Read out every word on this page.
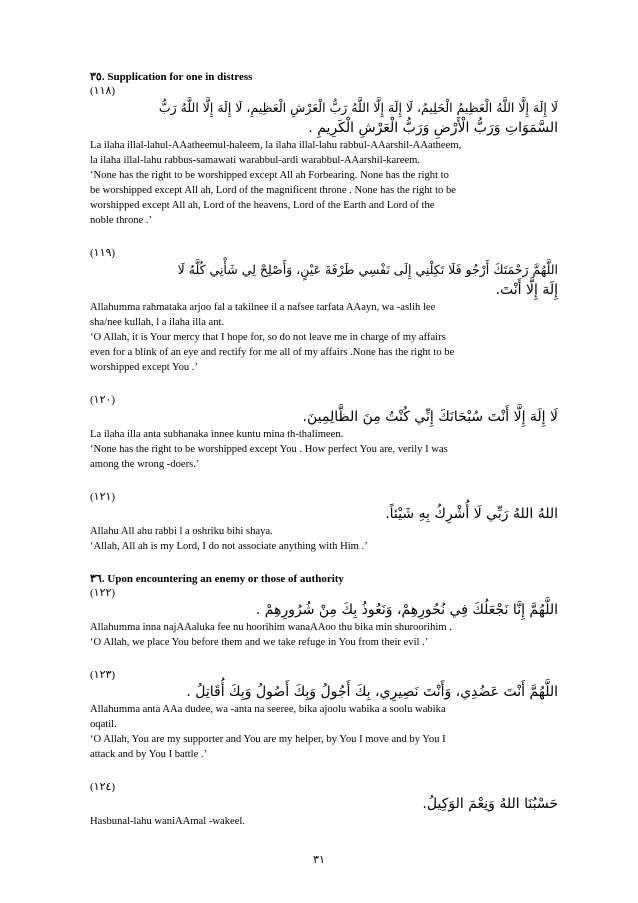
٣٥. Supplication for one in distress
(١١٨)
لَا إِلَهَ إِلَّا اللَّهُ الْعَظِيمُ الْحَلِيمُ، لَا إِلَهَ إِلَّا اللَّهُ رَبُّ الْعَرْشِ الْعَظِيمِ، لَا إِلَهَ إِلَّا اللَّهُ رَبُّ
السَّمَوَاتِ وَرَبُّ الْأَرْضِ وَرَبُّ الْعَرْشِ الْكَرِيمِ .
La ilaha illal-lahul-AAatheemul-haleem, la ilaha illal-lahu rabbul-AAarshil-AAatheem,
la ilaha illal-lahu rabbus-samawati warabbul-ardi warabbul-AAarshil-kareem.
‘None has the right to be worshipped except All ah Forbearing. None has the right to
be worshipped except All ah, Lord of the magnificent throne . None has the right to be
worshipped except All ah, Lord of the heavens, Lord of the Earth and Lord of the
noble throne .’
(١١٩)
اللَّهُمَّ رَحْمَتَكَ أَرْجُو فَلَا تَكِلْنِي إِلَى نَفْسِي طَرْفَةَ عَيْنٍ، وَأَصْلِحْ لِي شَأْنِي كُلَّهُ لَا
إِلَهَ إِلَّا أَنْتَ.
Allahumma rahmataka arjoo fal a takilnee il a nafsee tarfata AAayn, wa -aslih lee
sha/nee kullah, l a ilaha illa ant.
‘O Allah, it is Your mercy that I hope for, so do not leave me in charge of my affairs
even for a blink of an eye and rectify for me all of my affairs .None has the right to be
worshipped except You .’
(١٢٠)
لَا إِلَهَ إِلَّا أَنْتَ سُبْحَانَكَ إِنِّي كُنْتُ مِنَ الظَّالِمِينَ.
La ilaha illa anta subhanaka innee kuntu mina th-thalimeen.
‘None has the right to be worshipped except You . How perfect You are, verily I was
among the wrong -doers.’
(١٢١)
اللهُ اللهُ رَبِّي لَا أُشْرِكُ بِهِ شَيْئاً.
Allahu All ahu rabbi l a oshriku bihi shaya.
‘Allah, All ah is my Lord, I do not associate anything with Him .’
٣٦. Upon encountering an enemy or those of authority
(١٢٢)
اللَّهُمَّ إِنَّا نَجْعَلُكَ فِي نُحُورِهِمْ، وَنَعُوذُ بِكَ مِنْ شُرُورِهِمْ .
Allahumma inna najAAaluka fee nu hoorihim wanaAAoo thu bika min shuroorihim .
‘O Allah, we place You before them and we take refuge in You from their evil .’
(١٢٣)
اللَّهُمَّ أَنْتَ عَضُدِي، وَأَنْتَ نَصِيرِي، بِكَ أَجُولُ وَبِكَ أَصُولُ وَبِكَ أُقَاتِلُ .
Allahumma anta AAa dudee, wa -anta na seeree, bika ajoolu wabika a soolu wabika
oqatil.
‘O Allah, You are my supporter and You are my helper, by You I move and by You I
attack and by You I battle .’
(١٢٤)
حَسْبُنَا اللهُ وَنِعْمَ الوَكِيلُ.
Hasbunal-lahu waniAAmal -wakeel.
٣١
